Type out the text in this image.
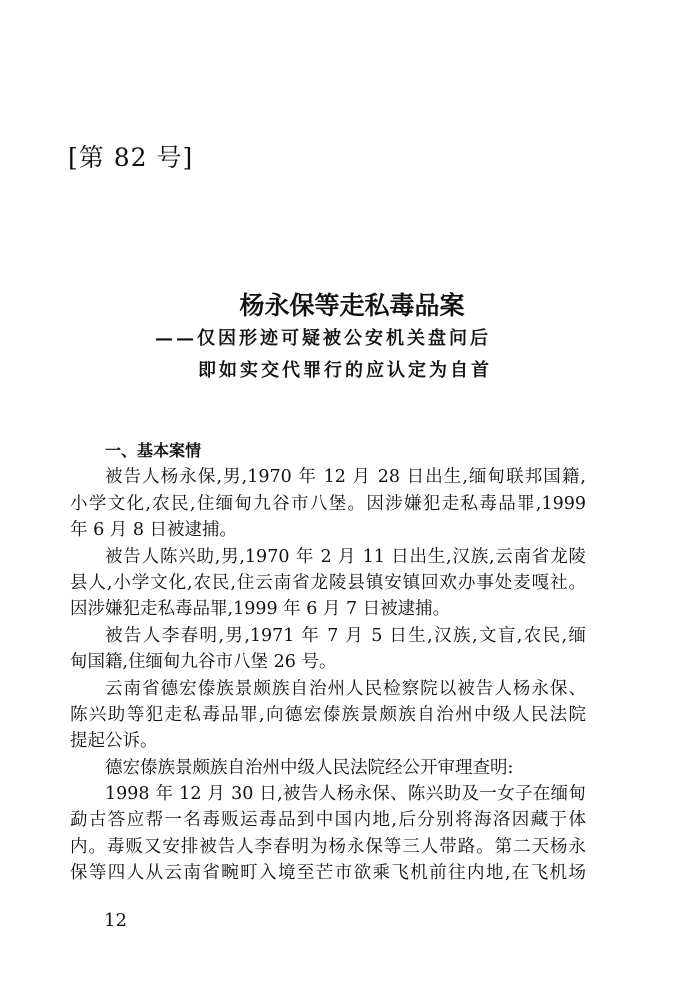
[第 82 号]
杨永保等走私毒品案
——仅因形迹可疑被公安机关盘问后
即如实交代罪行的应认定为自首
一、基本案情
被告人杨永保,男,1970 年 12 月 28 日出生,缅甸联邦国籍,
小学文化,农民,住缅甸九谷市八堡。因涉嫌犯走私毒品罪,1999
年 6 月 8 日被逮捕。
被告人陈兴助,男,1970 年 2 月 11 日出生,汉族,云南省龙陵
县人,小学文化,农民,住云南省龙陵县镇安镇回欢办事处麦嘎社。
因涉嫌犯走私毒品罪,1999 年 6 月 7 日被逮捕。
被告人李春明,男,1971 年 7 月 5 日生,汉族,文盲,农民,缅
甸国籍,住缅甸九谷市八堡 26 号。
云南省德宏傣族景颇族自治州人民检察院以被告人杨永保、
陈兴助等犯走私毒品罪,向德宏傣族景颇族自治州中级人民法院
提起公诉。
德宏傣族景颇族自治州中级人民法院经公开审理查明:
1998 年 12 月 30 日,被告人杨永保、陈兴助及一女子在缅甸
勐古答应帮一名毒贩运毒品到中国内地,后分别将海洛因藏于体
内。毒贩又安排被告人李春明为杨永保等三人带路。第二天杨永
保等四人从云南省畹町入境至芒市欲乘飞机前往内地,在飞机场
12
